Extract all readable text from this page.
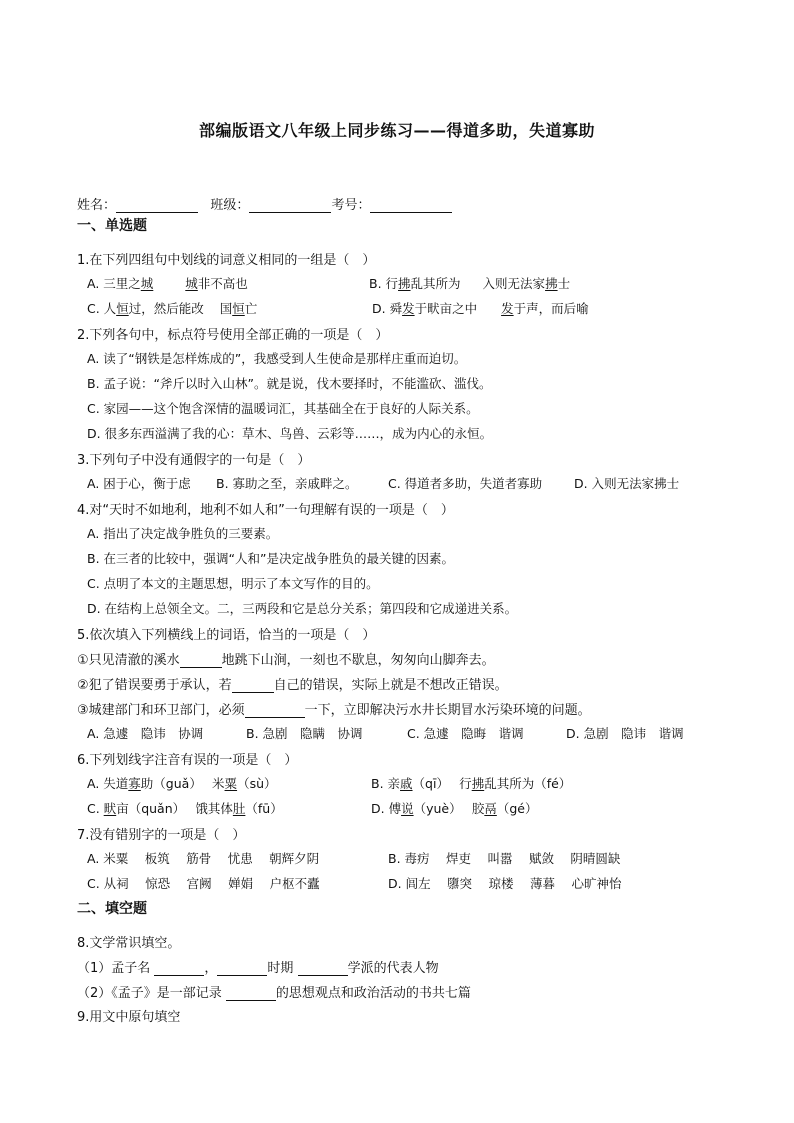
部编版语文八年级上同步练习——得道多助，失道寡助
姓名：	班级：	考号：
一、单选题
1.在下列四组句中划线的词意义相同的一组是（　）
A. 三里之城	城非不高也	B. 行拂乱其所为 入则无法家拂士
C. 人恒过，然后能改 国恒亡	D. 舜发于畎亩之中 发于声，而后喻
2.下列各句中，标点符号使用全部正确的一项是（　）
A. 读了“钢铁是怎样炼成的”，我感受到人生使命是那样庄重而迫切。
B. 孟子说：“斧斤以时入山林”。就是说，伐木要择时，不能滥砍、滥伐。
C. 家园——这个饱含深情的温暖词汇，其基础全在于良好的人际关系。
D. 很多东西溢满了我的心：草木、鸟兽、云彩等……，成为内心的永恒。
3.下列句子中没有通假字的一句是（　）
A. 困于心，衡于虑 B. 寡助之至，亲戚畔之。 C. 得道者多助，失道者寡助	D. 入则无法家拂士
4.对“天时不如地利，地利不如人和”一句理解有误的一项是（　）
A. 指出了决定战争胜负的三要素。
B. 在三者的比较中，强调“人和”是决定战争胜负的最关键的因素。
C. 点明了本文的主题思想，明示了本文写作的目的。
D. 在结构上总领全文。二，三两段和它是总分关系；第四段和它成递进关系。
5.依次填入下列横线上的词语，恰当的一项是（　）
①只见清澈的溪水	地跳下山涧，一刻也不歇息，匆匆向山脚奔去。
②犯了错误要勇于承认，若	自己的错误，实际上就是不想改正错误。
③城建部门和环卫部门，必须	一下，立即解决污水井长期冒水污染环境的问题。
A. 急遽　隐讳　协调	B. 急剧　隐瞒　协调	C. 急遽　隐晦　谐调	D. 急剧　隐讳　谐调
6.下列划线字注音有误的一项是（　）
A. 失道寡助（guǎ）　 米粟（sù）	B. 亲戚（qī）　 行拂乱其所为（fé）
C. 畎亩（quǎn）　 饿其体肚（fū）	D. 傅说（yuè）　 胶鬲（gé）
7.没有错别字的一项是（　）
A. 米粟　 板筑　 筋骨　 忧患　 朝辉夕阴	B. 毒疠　 焊吏　 叫嚣　 赋敛　 阴晴圆缺
C. 从祠　 惊恐　 宫阙　 婵娟　 户枢不蠹	D. 闾左　 隳突　 琼楼　 薄暮　 心旷神怡
二、填空题
8.文学常识填空。
（1）孟子名	，	时期	学派的代表人物
（2）《孟子》是一部记录	的思想观点和政治活动的书共七篇
9.用文中原句填空
